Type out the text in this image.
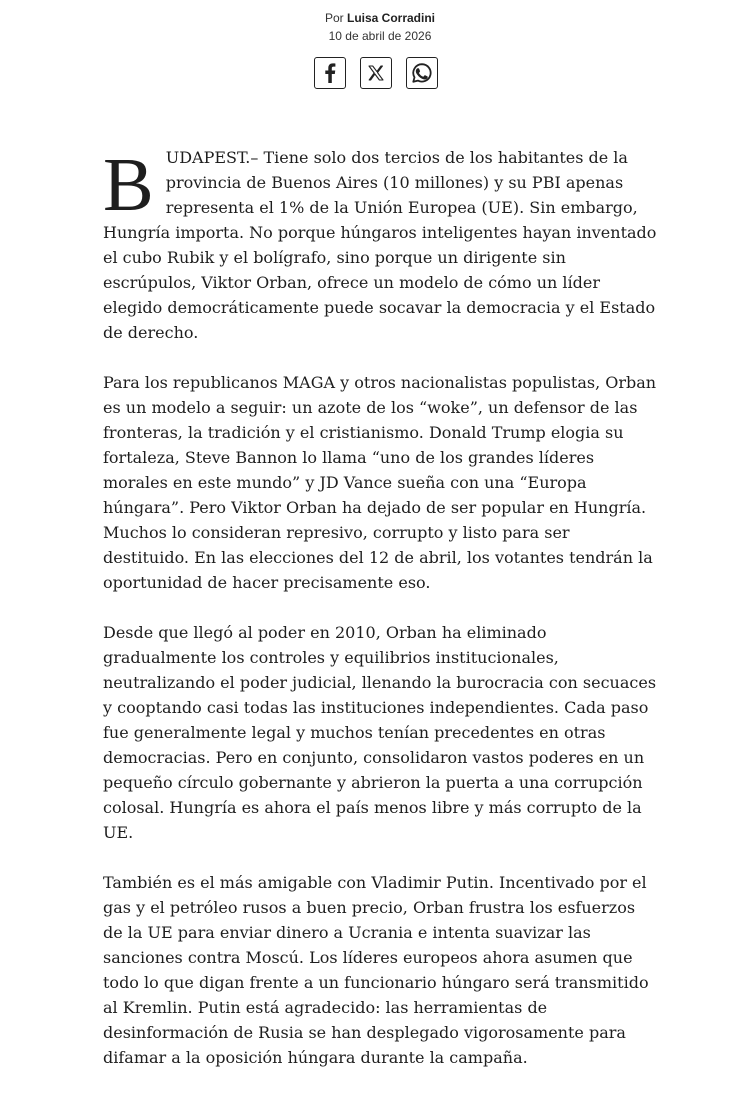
Por Luisa Corradini
10 de abril de 2026

BUDAPEST.– Tiene solo dos tercios de los habitantes de la provincia de Buenos Aires (10 millones) y su PBI apenas representa el 1% de la Unión Europea (UE). Sin embargo, Hungría importa. No porque húngaros inteligentes hayan inventado el cubo Rubik y el bolígrafo, sino porque un dirigente sin escrúpulos, Viktor Orban, ofrece un modelo de cómo un líder elegido democráticamente puede socavar la democracia y el Estado de derecho.

Para los republicanos MAGA y otros nacionalistas populistas, Orban es un modelo a seguir: un azote de los “woke”, un defensor de las fronteras, la tradición y el cristianismo. Donald Trump elogia su fortaleza, Steve Bannon lo llama “uno de los grandes líderes morales en este mundo” y JD Vance sueña con una “Europa húngara”. Pero Viktor Orban ha dejado de ser popular en Hungría. Muchos lo consideran represivo, corrupto y listo para ser destituido. En las elecciones del 12 de abril, los votantes tendrán la oportunidad de hacer precisamente eso.

Desde que llegó al poder en 2010, Orban ha eliminado gradualmente los controles y equilibrios institucionales, neutralizando el poder judicial, llenando la burocracia con secuaces y cooptando casi todas las instituciones independientes. Cada paso fue generalmente legal y muchos tenían precedentes en otras democracias. Pero en conjunto, consolidaron vastos poderes en un pequeño círculo gobernante y abrieron la puerta a una corrupción colosal. Hungría es ahora el país menos libre y más corrupto de la UE.

También es el más amigable con Vladimir Putin. Incentivado por el gas y el petróleo rusos a buen precio, Orban frustra los esfuerzos de la UE para enviar dinero a Ucrania e intenta suavizar las sanciones contra Moscú. Los líderes europeos ahora asumen que todo lo que digan frente a un funcionario húngaro será transmitido al Kremlin. Putin está agradecido: las herramientas de desinformación de Rusia se han desplegado vigorosamente para difamar a la oposición húngara durante la campaña.
